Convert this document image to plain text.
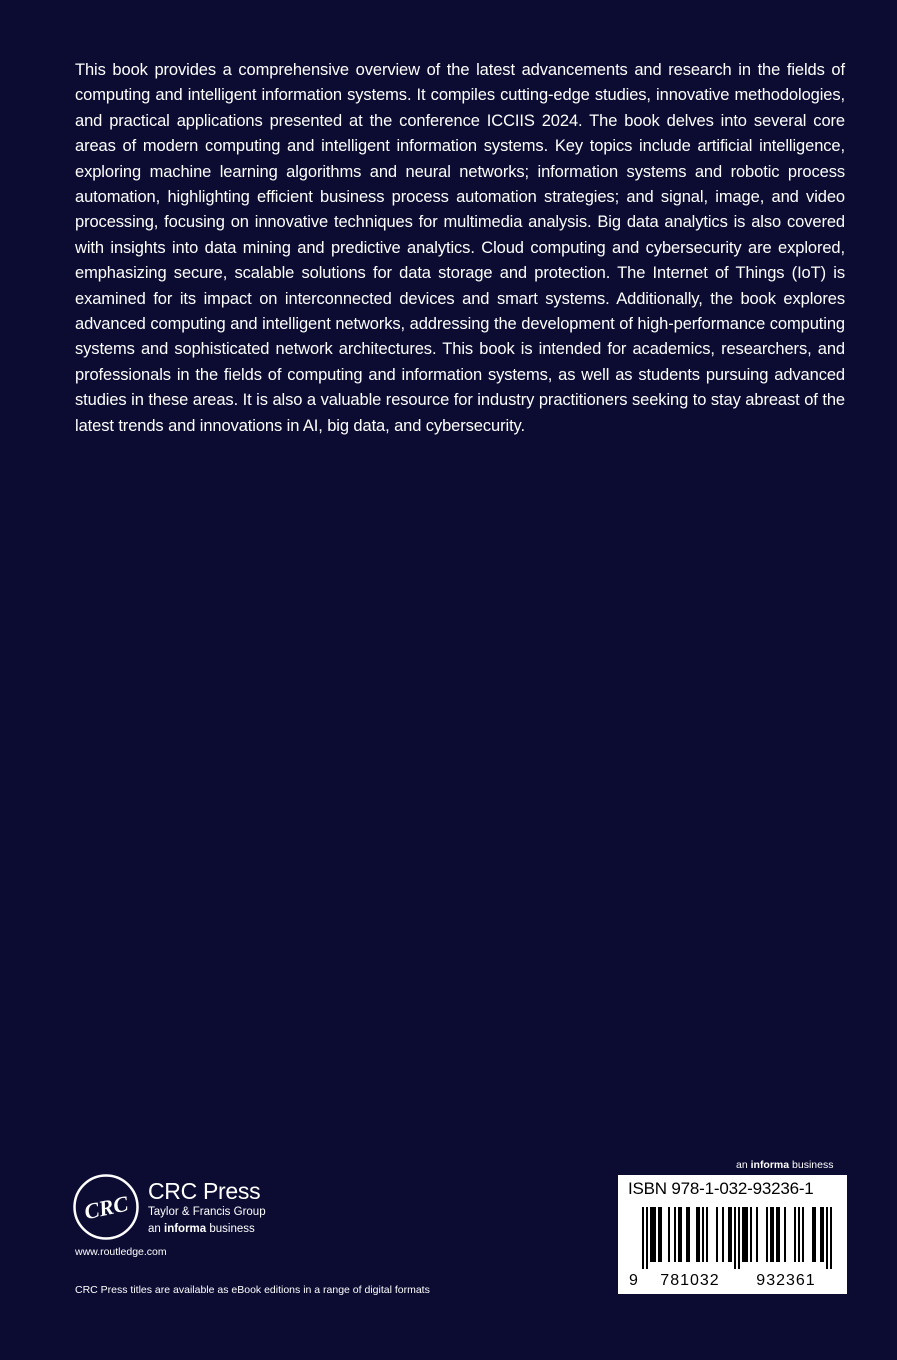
This book provides a comprehensive overview of the latest advancements and research in the fields of computing and intelligent information systems. It compiles cutting-edge studies, innovative methodologies, and practical applications presented at the conference ICCIIS 2024. The book delves into several core areas of modern computing and intelligent information systems. Key topics include artificial intelligence, exploring machine learning algorithms and neural networks; information systems and robotic process automation, highlighting efficient business process automation strategies; and signal, image, and video processing, focusing on innovative techniques for multimedia analysis. Big data analytics is also covered with insights into data mining and predictive analytics. Cloud computing and cybersecurity are explored, emphasizing secure, scalable solutions for data storage and protection. The Internet of Things (IoT) is examined for its impact on interconnected devices and smart systems. Additionally, the book explores advanced computing and intelligent networks, addressing the development of high-performance computing systems and sophisticated network architectures. This book is intended for academics, researchers, and professionals in the fields of computing and information systems, as well as students pursuing advanced studies in these areas. It is also a valuable resource for industry practitioners seeking to stay abreast of the latest trends and innovations in AI, big data, and cybersecurity.

CRC CRC Press
Taylor & Francis Group
an informa business
www.routledge.com
CRC Press titles are available as eBook editions in a range of digital formats
an informa business
ISBN 978-1-032-93236-1
9 781032 932361
